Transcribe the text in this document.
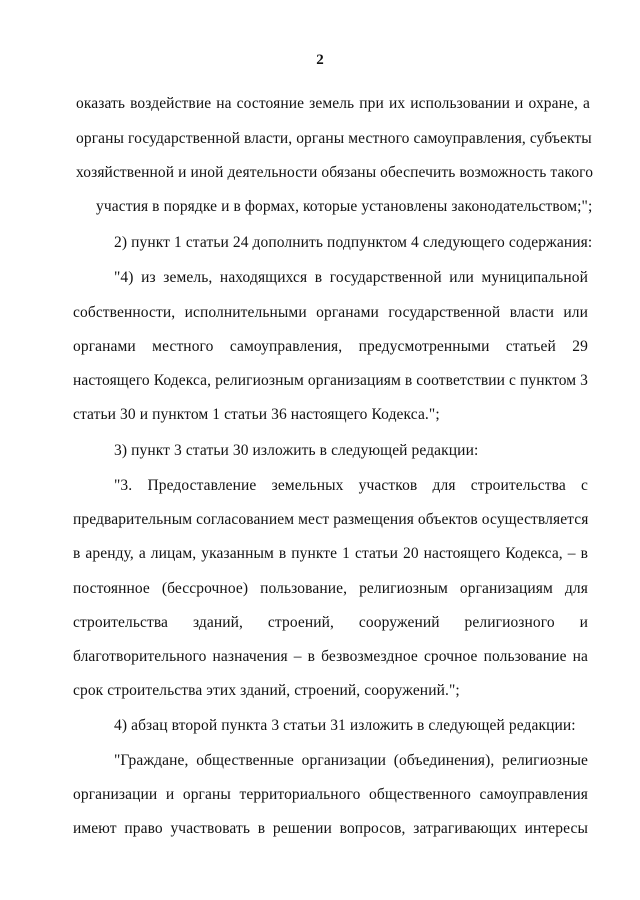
2
оказать воздействие на состояние земель при их использовании и охране, а
органы государственной власти, органы местного самоуправления, субъекты
хозяйственной и иной деятельности обязаны обеспечить возможность такого
участия в порядке и в формах, которые установлены законодательством;";
2) пункт 1 статьи 24 дополнить подпунктом 4 следующего содержания:
"4) из земель, находящихся в государственной или муниципальной
собственности, исполнительными органами государственной власти или
органами местного самоуправления, предусмотренными статьей 29
настоящего Кодекса, религиозным организациям в соответствии с пунктом 3
статьи 30 и пунктом 1 статьи 36 настоящего Кодекса.";
3) пункт 3 статьи 30 изложить в следующей редакции:
"3. Предоставление земельных участков для строительства с
предварительным согласованием мест размещения объектов осуществляется
в аренду, а лицам, указанным в пункте 1 статьи 20 настоящего Кодекса, – в
постоянное (бессрочное) пользование, религиозным организациям для
строительства зданий, строений, сооружений религиозного и
благотворительного назначения – в безвозмездное срочное пользование на
срок строительства этих зданий, строений, сооружений.";
4) абзац второй пункта 3 статьи 31 изложить в следующей редакции:
"Граждане, общественные организации (объединения), религиозные
организации и органы территориального общественного самоуправления
имеют право участвовать в решении вопросов, затрагивающих интересы
